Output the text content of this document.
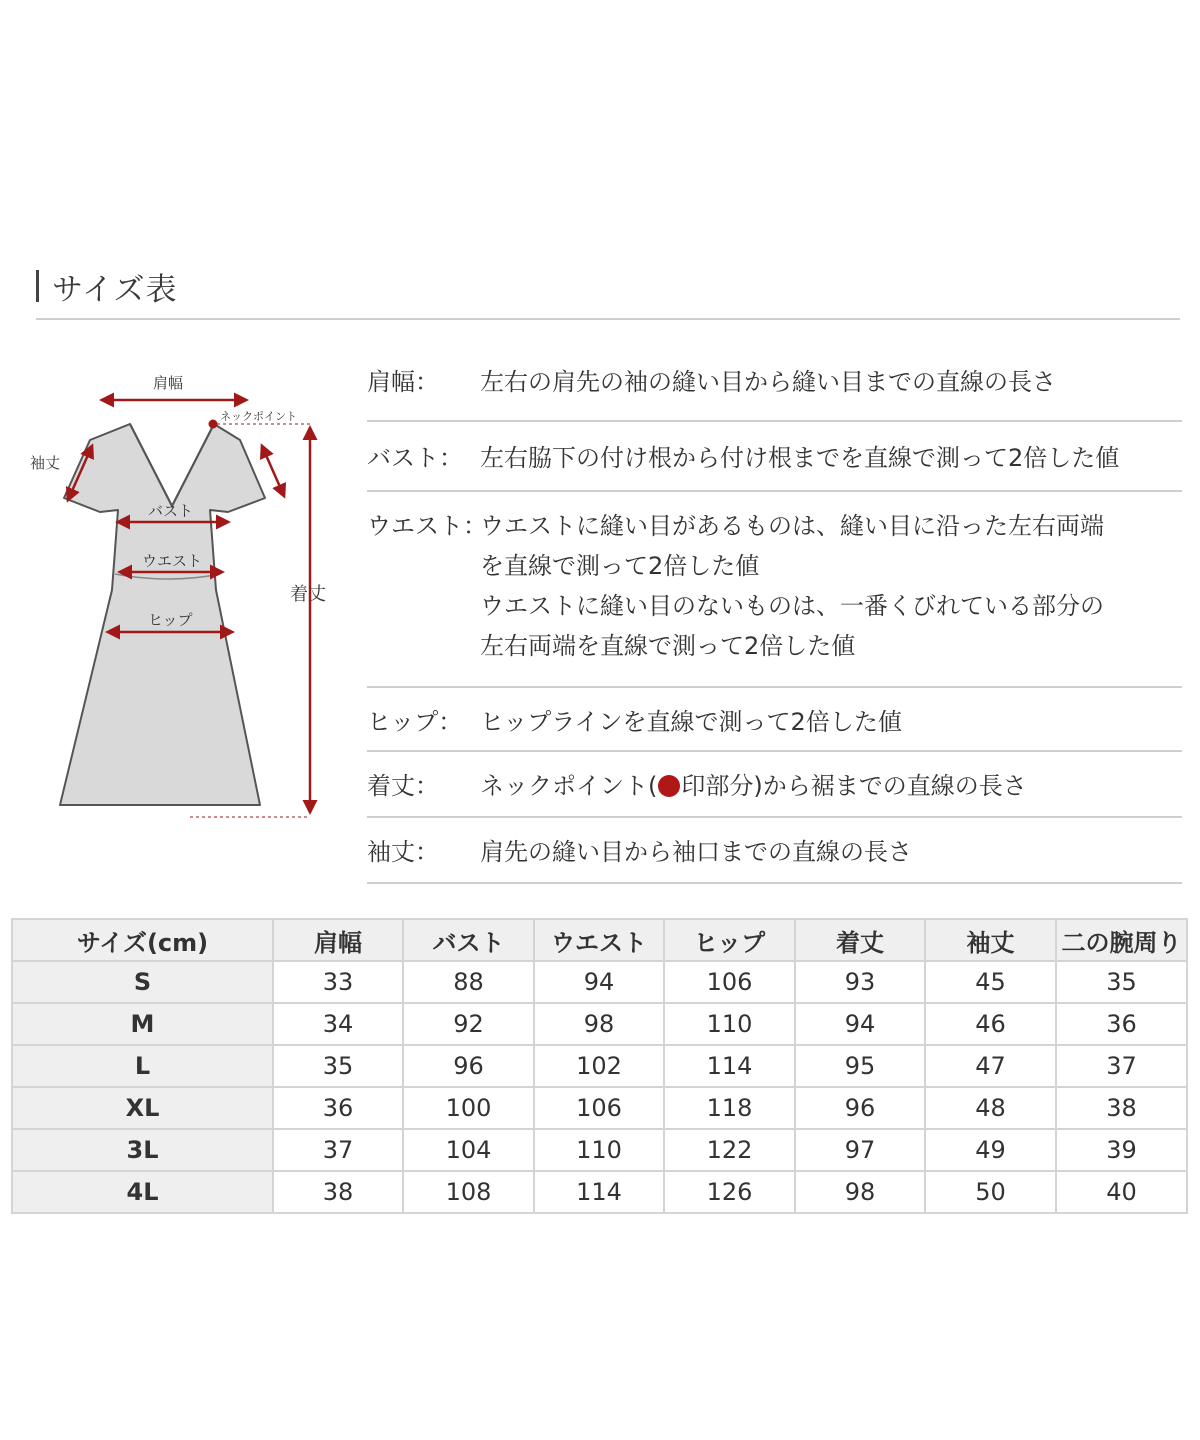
サイズ表
肩幅
ネックポイント
袖丈
バスト
ウエスト
ヒップ
着丈
肩幅：	左右の肩先の袖の縫い目から縫い目までの直線の長さ
バスト： 左右脇下の付け根から付け根までを直線で測って2倍した値
ウエスト：
ウエストに縫い目があるものは、縫い目に沿った左右両端
を直線で測って2倍した値
ウエストに縫い目のないものは、一番くびれている部分の
左右両端を直線で測って2倍した値
ヒップ： ヒップラインを直線で測って2倍した値
着丈：	ネックポイント( 印部分)から裾までの直線の長さ
袖丈：	肩先の縫い目から袖口までの直線の長さ
サイズ(cm)	肩幅	バスト	ウエスト	ヒップ	着丈	袖丈	二の腕周り
S	33	88	94	106	93	45	35
M	34	92	98	110	94	46	36
L	35	96	102	114	95	47	37
XL	36	100	106	118	96	48	38
3L	37	104	110	122	97	49	39
4L	38	108	114	126	98	50	40
